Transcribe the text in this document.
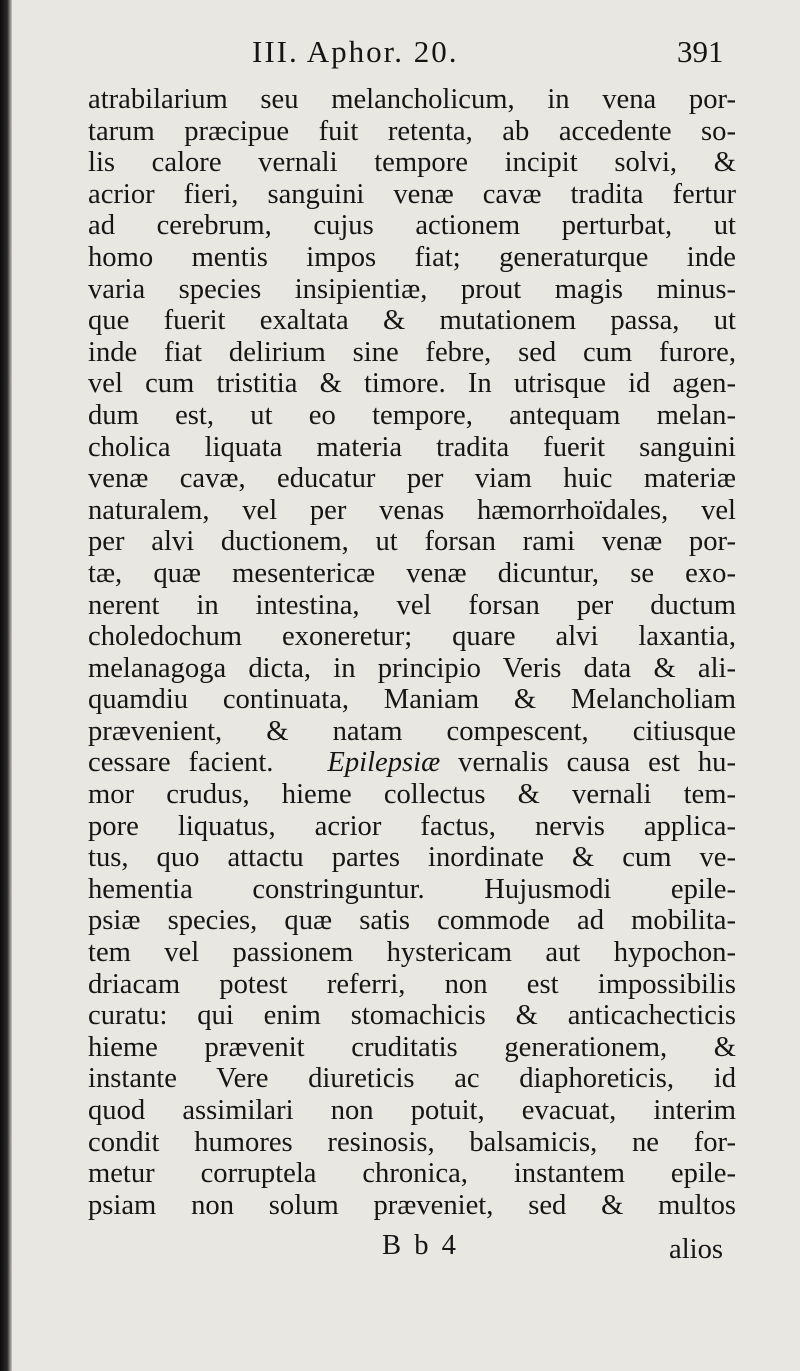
III. Aphor. 20.	391
atrabilarium seu melancholicum, in vena por-
tarum præcipue fuit retenta, ab accedente so-
lis calore vernali tempore incipit solvi, &
acrior fieri, sanguini venæ cavæ tradita fertur
ad cerebrum, cujus actionem perturbat, ut
homo mentis impos fiat; generaturque inde
varia species insipientiæ, prout magis minus-
que fuerit exaltata & mutationem passa, ut
inde fiat delirium sine febre, sed cum furore,
vel cum tristitia & timore. In utrisque id agen-
dum est, ut eo tempore, antequam melan-
cholica liquata materia tradita fuerit sanguini
venæ cavæ, educatur per viam huic materiæ
naturalem, vel per venas hæmorrhoïdales, vel
per alvi ductionem, ut forsan rami venæ por-
tæ, quæ mesentericæ venæ dicuntur, se exo-
nerent in intestina, vel forsan per ductum
choledochum exoneretur; quare alvi laxantia,
melanagoga dicta, in principio Veris data & ali-
quamdiu continuata, Maniam & Melancholiam
prævenient, & natam compescent, citiusque
cessare facient. Epilepsiæ vernalis causa est hu-
mor crudus, hieme collectus & vernali tem-
pore liquatus, acrior factus, nervis applica-
tus, quo attactu partes inordinate & cum ve-
hementia constringuntur. Hujusmodi epile-
psiæ species, quæ satis commode ad mobilita-
tem vel passionem hystericam aut hypochon-
driacam potest referri, non est impossibilis
curatu: qui enim stomachicis & anticachecticis
hieme prævenit cruditatis generationem, &
instante Vere diureticis ac diaphoreticis, id
quod assimilari non potuit, evacuat, interim
condit humores resinosis, balsamicis, ne for-
metur corruptela chronica, instantem epile-
psiam non solum præveniet, sed & multos
B b 4	alios
